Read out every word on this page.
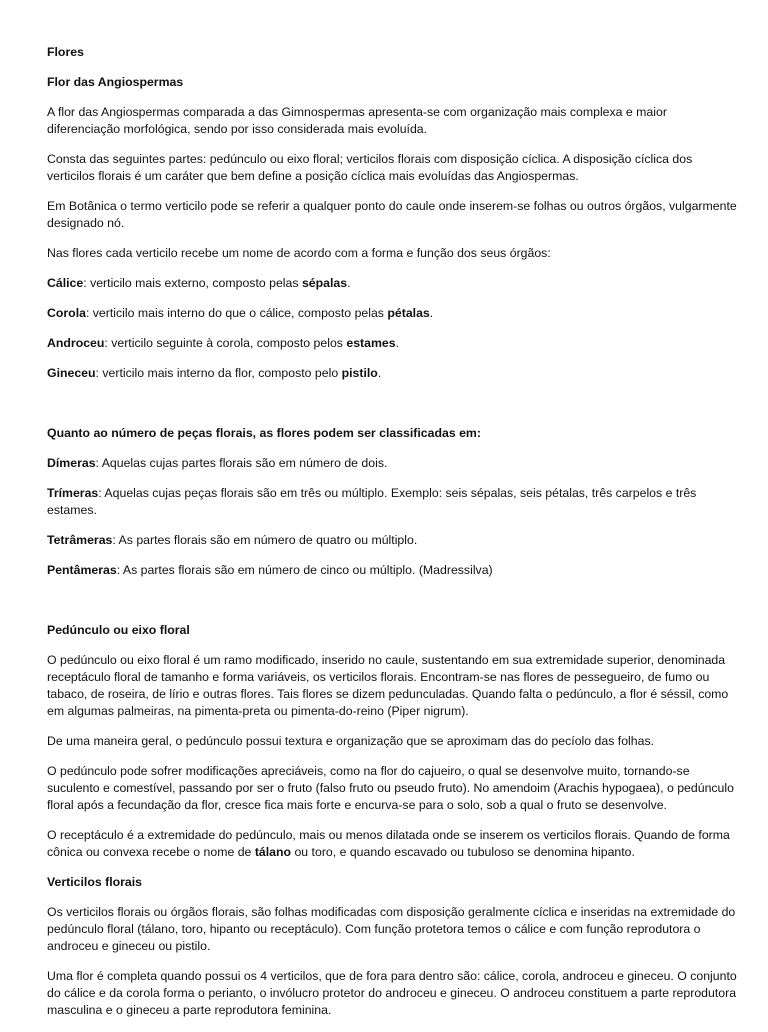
Flores

Flor das Angiospermas

A flor das Angiospermas comparada a das Gimnospermas apresenta-se com organização mais complexa e maior diferenciação morfológica, sendo por isso considerada mais evoluída.

Consta das seguintes partes: pedúnculo ou eixo floral; verticilos florais com disposição cíclica. A disposição cíclica dos verticilos florais é um caráter que bem define a posição cíclica mais evoluídas das Angiospermas.

Em Botânica o termo verticilo pode se referir a qualquer ponto do caule onde inserem-se folhas ou outros órgãos, vulgarmente designado nó.

Nas flores cada verticilo recebe um nome de acordo com a forma e função dos seus órgãos:

Cálice: verticilo mais externo, composto pelas sépalas.

Corola: verticilo mais interno do que o cálice, composto pelas pétalas.

Androceu: verticilo seguinte à corola, composto pelos estames.

Gineceu: verticilo mais interno da flor, composto pelo pistilo.

Quanto ao número de peças florais, as flores podem ser classificadas em:

Dímeras: Aquelas cujas partes florais são em número de dois.

Trímeras: Aquelas cujas peças florais são em três ou múltiplo. Exemplo: seis sépalas, seis pétalas, três carpelos e três estames.

Tetrâmeras: As partes florais são em número de quatro ou múltiplo.

Pentâmeras: As partes florais são em número de cinco ou múltiplo. (Madressilva)

Pedúnculo ou eixo floral

O pedúnculo ou eixo floral é um ramo modificado, inserido no caule, sustentando em sua extremidade superior, denominada receptáculo floral de tamanho e forma variáveis, os verticilos florais. Encontram-se nas flores de pessegueiro, de fumo ou tabaco, de roseira, de lírio e outras flores. Tais flores se dizem pedunculadas. Quando falta o pedúnculo, a flor é séssil, como em algumas palmeiras, na pimenta-preta ou pimenta-do-reino (Piper nigrum).

De uma maneira geral, o pedúnculo possui textura e organização que se aproximam das do pecíolo das folhas.

O pedúnculo pode sofrer modificações apreciáveis, como na flor do cajueiro, o qual se desenvolve muito, tornando-se suculento e comestível, passando por ser o fruto (falso fruto ou pseudo fruto). No amendoim (Arachis hypogaea), o pedúnculo floral após a fecundação da flor, cresce fica mais forte e encurva-se para o solo, sob a qual o fruto se desenvolve.

O receptáculo é a extremidade do pedúnculo, mais ou menos dilatada onde se inserem os verticilos florais. Quando de forma cônica ou convexa recebe o nome de tálano ou toro, e quando escavado ou tubuloso se denomina hipanto.

Verticilos florais

Os verticilos florais ou órgãos florais, são folhas modificadas com disposição geralmente cíclica e inseridas na extremidade do pedúnculo floral (tálano, toro, hipanto ou receptáculo). Com função protetora temos o cálice e com função reprodutora o androceu e gineceu ou pistilo.

Uma flor é completa quando possui os 4 verticilos, que de fora para dentro são: cálice, corola, androceu e gineceu. O conjunto do cálice e da corola forma o perianto, o invólucro protetor do androceu e gineceu. O androceu constituem a parte reprodutora masculina e o gineceu a parte reprodutora feminina.
